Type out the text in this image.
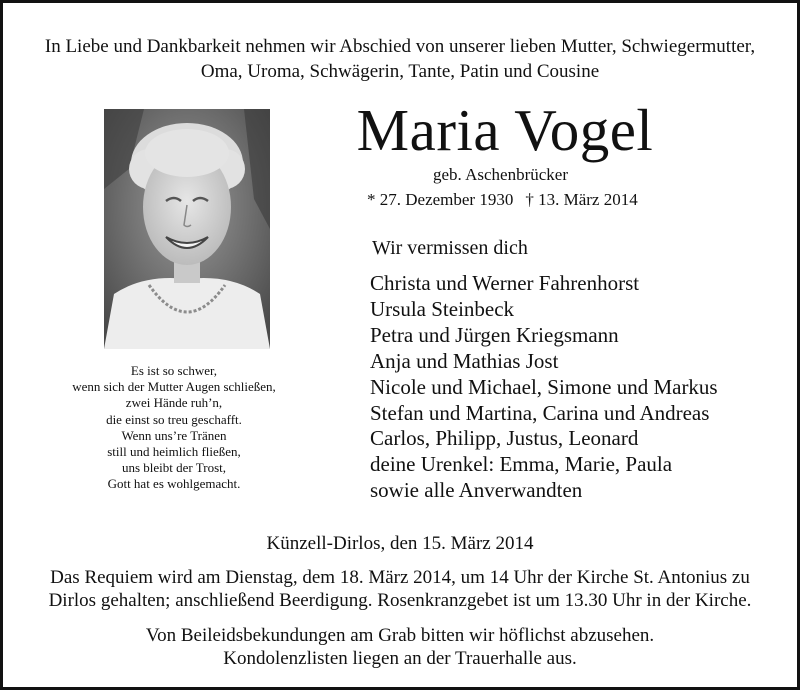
In Liebe und Dankbarkeit nehmen wir Abschied von unserer lieben Mutter, Schwiegermutter,
Oma, Uroma, Schwägerin, Tante, Patin und Cousine
Es ist so schwer,
wenn sich der Mutter Augen schließen,
zwei Hände ruh’n,
die einst so treu geschafft.
Wenn uns’re Tränen
still und heimlich fließen,
uns bleibt der Trost,
Gott hat es wohlgemacht.
Maria Vogel
geb. Aschenbrücker
* 27. Dezember 1930 † 13. März 2014
Wir vermissen dich
Christa und Werner Fahrenhorst
Ursula Steinbeck
Petra und Jürgen Kriegsmann
Anja und Mathias Jost
Nicole und Michael, Simone und Markus
Stefan und Martina, Carina und Andreas
Carlos, Philipp, Justus, Leonard
deine Urenkel: Emma, Marie, Paula
sowie alle Anverwandten
Künzell-Dirlos, den 15. März 2014
Das Requiem wird am Dienstag, dem 18. März 2014, um 14 Uhr der Kirche St. Antonius zu
Dirlos gehalten; anschließend Beerdigung. Rosenkranzgebet ist um 13.30 Uhr in der Kirche.
Von Beileidsbekundungen am Grab bitten wir höflichst abzusehen.
Kondolenzlisten liegen an der Trauerhalle aus.
